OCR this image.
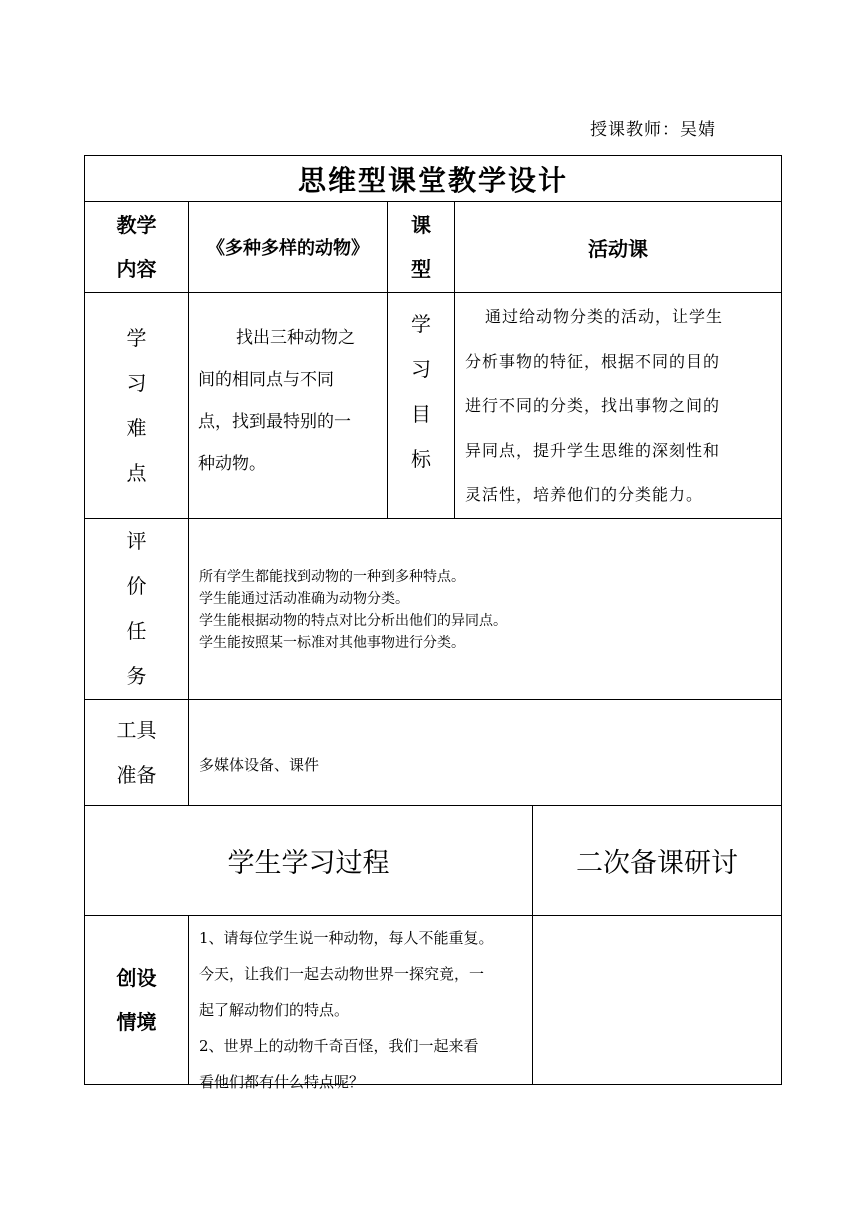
授课教师：吴婧
思维型课堂教学设计
教学
内容
《多种多样的动物》
课
型
活动课
学
习
难
点
找出三种动物之
间的相同点与不同
点，找到最特别的一
种动物。
学
习
目
标
通过给动物分类的活动，让学生
分析事物的特征，根据不同的目的
进行不同的分类，找出事物之间的
异同点，提升学生思维的深刻性和
灵活性，培养他们的分类能力。
评
价
任
务
所有学生都能找到动物的一种到多种特点。
学生能通过活动准确为动物分类。
学生能根据动物的特点对比分析出他们的异同点。
学生能按照某一标准对其他事物进行分类。
工具
准备	多媒体设备、课件
学生学习过程	二次备课研讨
创设
情境
1、请每位学生说一种动物，每人不能重复。
今天，让我们一起去动物世界一探究竟，一
起了解动物们的特点。
2、世界上的动物千奇百怪，我们一起来看
看他们都有什么特点呢？
